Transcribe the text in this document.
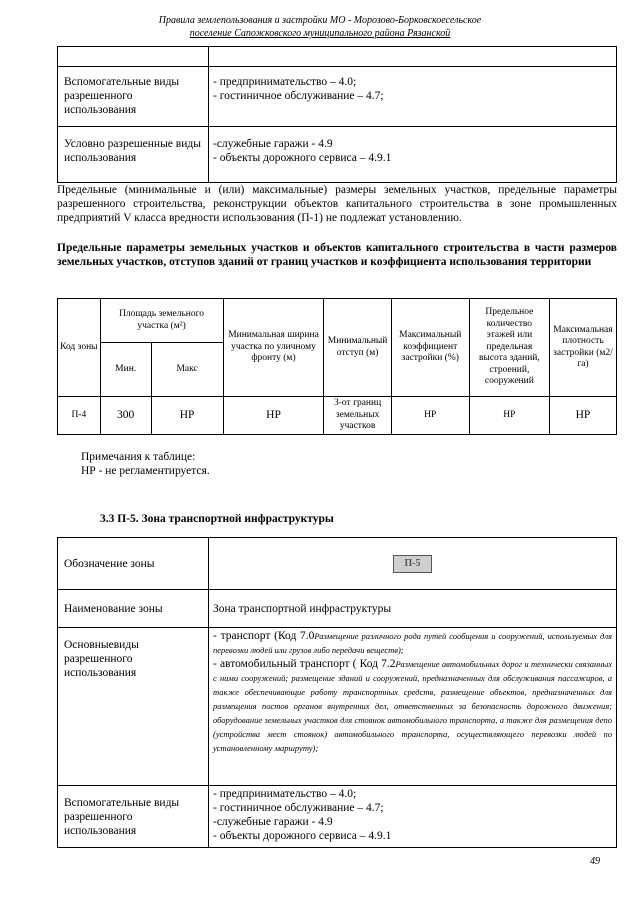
Правила землепользования и застройки МО - Морозово-Борковскоесельское
поселение Сапожковского муниципального района Рязанской

Вспомогательные виды разрешенного использования	- предпринимательство – 4.0;
- гостиничное обслуживание – 4.7;
Условно разрешенные виды использования	-служебные гаражи - 4.9
- объекты дорожного сервиса – 4.9.1
Предельные (минимальные и (или) максимальные) размеры земельных участков, предельные параметры разрешенного строительства, реконструкции объектов капитального строительства в зоне промышленных предприятий V класса вредности использования (П-1) не подлежат установлению.
Предельные параметры земельных участков и объектов капитального строительства в части размеров земельных участков, отступов зданий от границ участков и коэффициента использования территории
Код зоны	Площадь земельного участка (м²)		Минимальная ширина участка по уличному фронту (м)	Минимальный отступ (м)	Максимальный коэффициент застройки (%)	Предельное количество этажей или предельная высота зданий, строений, сооружений	Максимальная плотность застройки (м2/га)
	Мин.	Макс					
П-4	300	НР	НР	3-от границ земельных участков	НР	НР	НР
Примечания к таблице:
НР - не регламентируется.
3.3 П-5. Зона транспортной инфраструктуры
Обозначение зоны	П-5
Наименование зоны	Зона транспортной инфраструктуры
Основныевиды разрешенного использования	- транспорт (Код 7.0Размещение различного рода путей сообщения и сооружений, используемых для перевозки людей или грузов либо передачи веществ);
- автомобильный транспорт ( Код 7.2Размещение автомобильных дорог и технически связанных с ними сооружений; размещение зданий и сооружений, предназначенных для обслуживания пассажиров, а также обеспечивающие работу транспортных средств, размещение объектов, предназначенных для размещения постов органов внутренних дел, ответственных за безопасность дорожного движения; оборудование земельных участков для стоянок автомобильного транспорта, а также для размещения депо (устройства мест стоянок) автомобильного транспорта, осуществляющего перевозки людей по установленному маршруту);
Вспомогательные виды разрешенного использования	- предпринимательство – 4.0;
- гостиничное обслуживание – 4.7;
-служебные гаражи - 4.9
- объекты дорожного сервиса – 4.9.1
49
